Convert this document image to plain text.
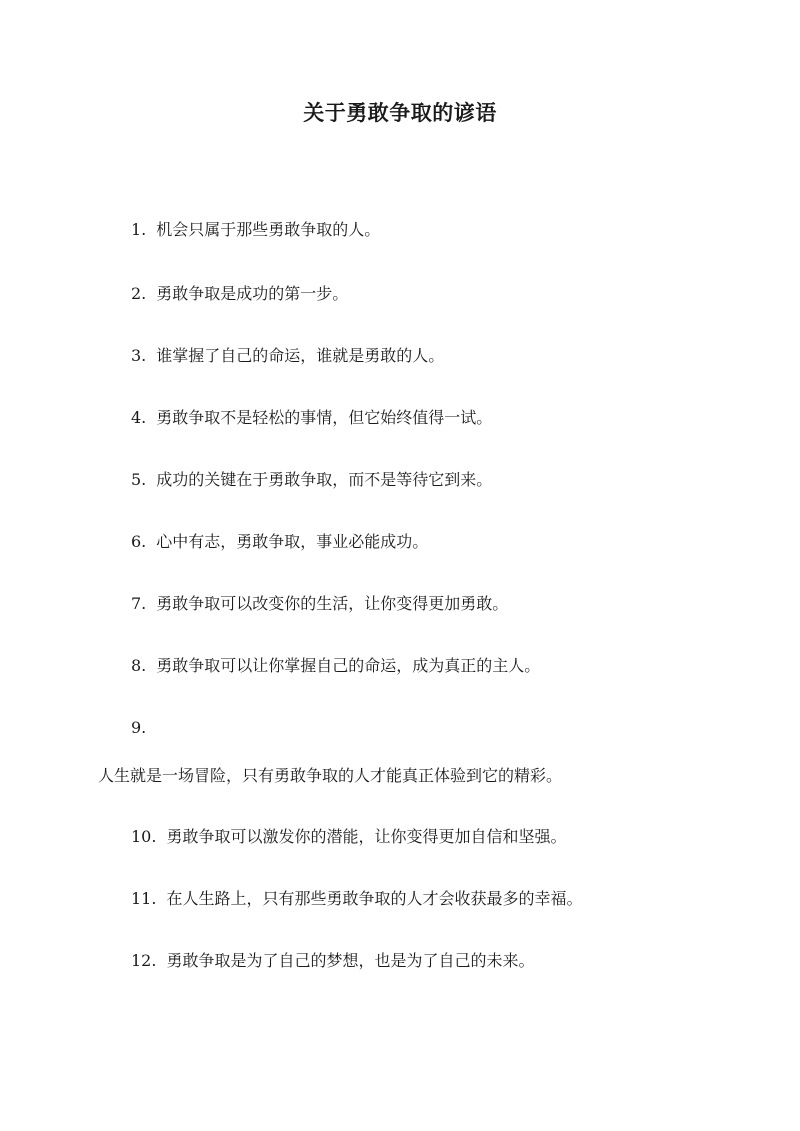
关于勇敢争取的谚语
1. 机会只属于那些勇敢争取的人。
2. 勇敢争取是成功的第一步。
3. 谁掌握了自己的命运，谁就是勇敢的人。
4. 勇敢争取不是轻松的事情，但它始终值得一试。
5. 成功的关键在于勇敢争取，而不是等待它到来。
6. 心中有志，勇敢争取，事业必能成功。
7. 勇敢争取可以改变你的生活，让你变得更加勇敢。
8. 勇敢争取可以让你掌握自己的命运，成为真正的主人。
9.
人生就是一场冒险，只有勇敢争取的人才能真正体验到它的精彩。
10. 勇敢争取可以激发你的潜能，让你变得更加自信和坚强。
11. 在人生路上，只有那些勇敢争取的人才会收获最多的幸福。
12. 勇敢争取是为了自己的梦想，也是为了自己的未来。
